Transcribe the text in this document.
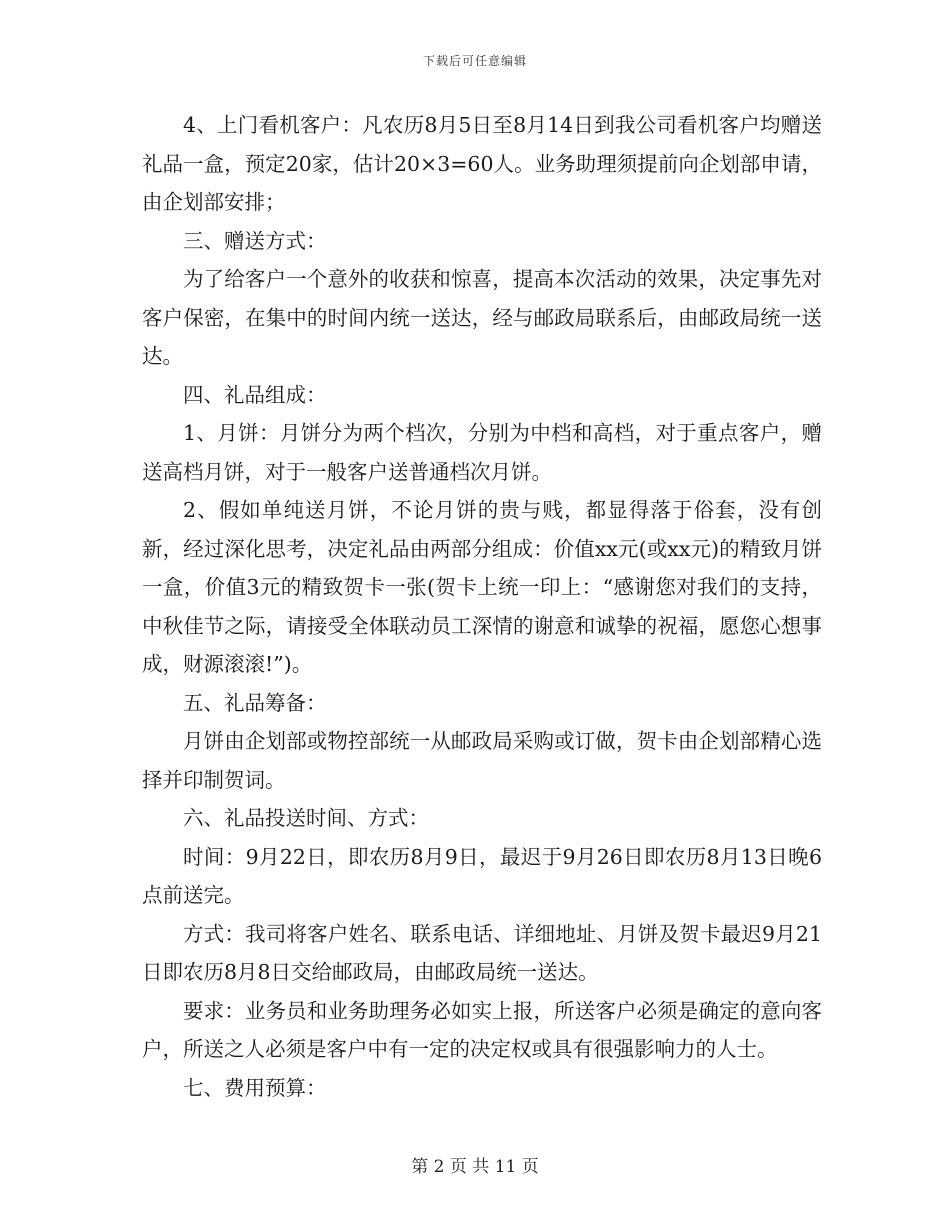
下载后可任意编辑

4、上门看机客户：凡农历8月5日至8月14日到我公司看机客户均赠送礼品一盒，预定20家，估计20×3=60人。业务助理须提前向企划部申请，由企划部安排；

三、赠送方式：

为了给客户一个意外的收获和惊喜，提高本次活动的效果，决定事先对客户保密，在集中的时间内统一送达，经与邮政局联系后，由邮政局统一送达。

四、礼品组成：

1、月饼：月饼分为两个档次，分别为中档和高档，对于重点客户，赠送高档月饼，对于一般客户送普通档次月饼。

2、假如单纯送月饼，不论月饼的贵与贱，都显得落于俗套，没有创新，经过深化思考，决定礼品由两部分组成：价值xx元(或xx元)的精致月饼一盒，价值3元的精致贺卡一张(贺卡上统一印上：“感谢您对我们的支持，中秋佳节之际，请接受全体联动员工深情的谢意和诚挚的祝福，愿您心想事成，财源滚滚!”)。

五、礼品筹备：

月饼由企划部或物控部统一从邮政局采购或订做，贺卡由企划部精心选择并印制贺词。

六、礼品投送时间、方式：

时间：9月22日，即农历8月9日，最迟于9月26日即农历8月13日晚6点前送完。

方式：我司将客户姓名、联系电话、详细地址、月饼及贺卡最迟9月21日即农历8月8日交给邮政局，由邮政局统一送达。

要求：业务员和业务助理务必如实上报，所送客户必须是确定的意向客户，所送之人必须是客户中有一定的决定权或具有很强影响力的人士。

七、费用预算：

第 2 页 共 11 页
